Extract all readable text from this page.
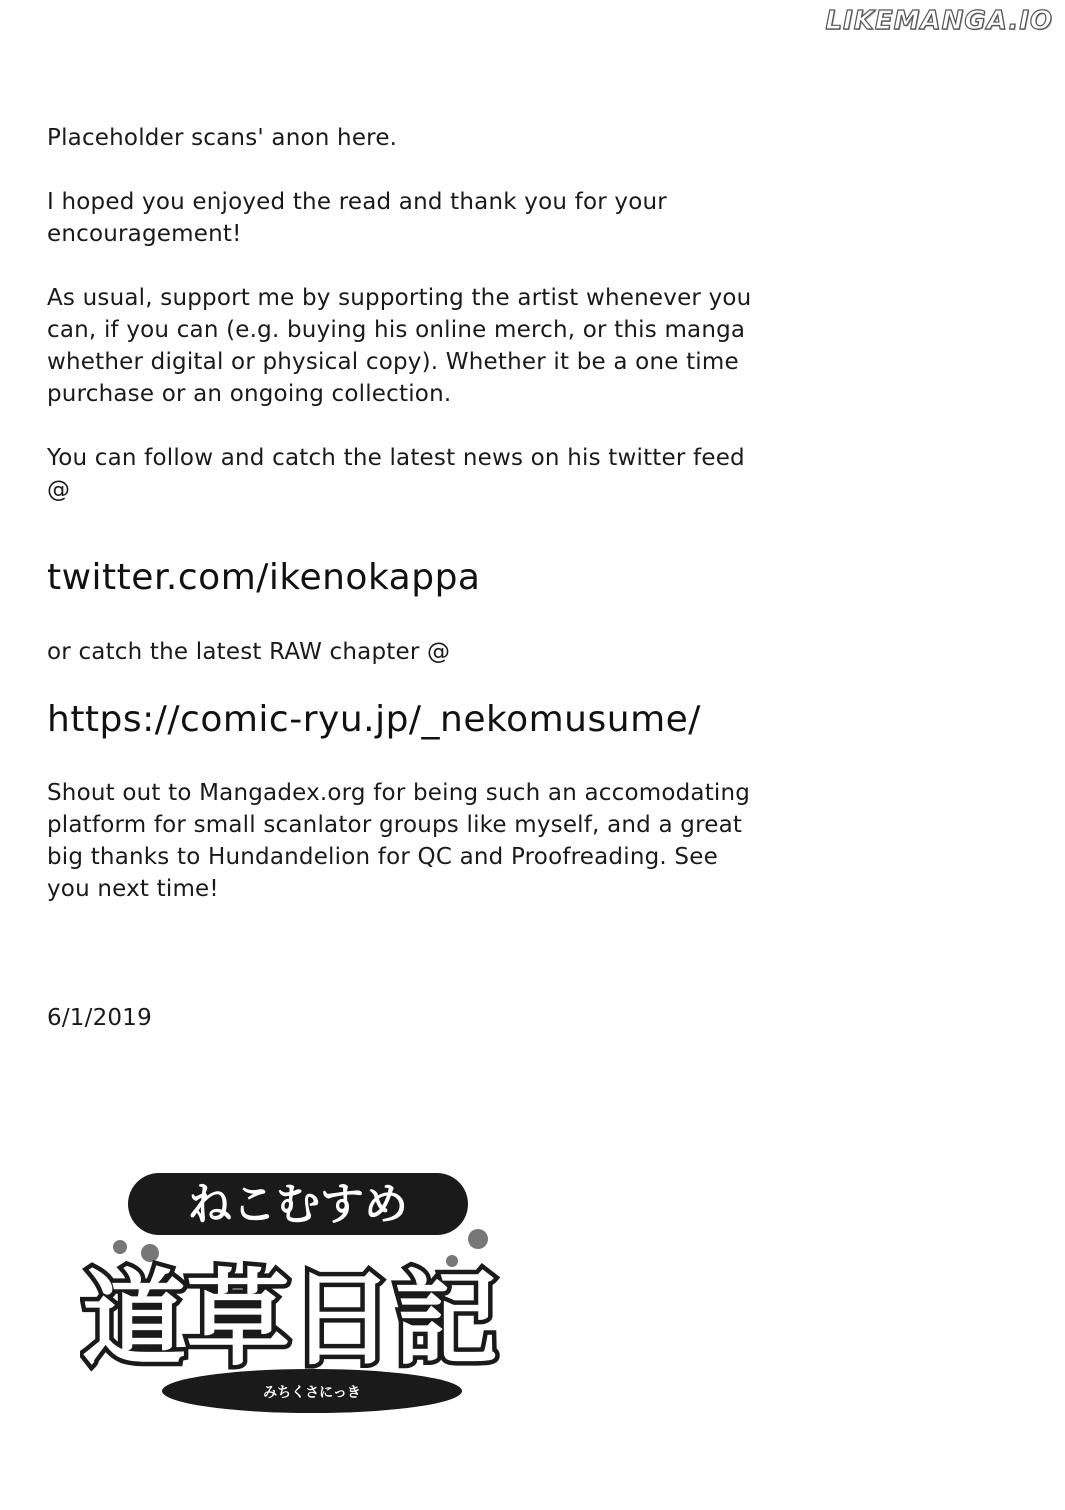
LIKEMANGA.IO
Placeholder scans' anon here.
I hoped you enjoyed the read and thank you for your encouragement!
As usual, support me by supporting the artist whenever you can, if you can (e.g. buying his online merch, or this manga whether digital or physical copy). Whether it be a one time purchase or an ongoing collection.
You can follow and catch the latest news on his twitter feed @
twitter.com/ikenokappa
or catch the latest RAW chapter @
https://comic-ryu.jp/_nekomusume/
Shout out to Mangadex.org for being such an accomodating platform for small scanlator groups like myself, and a great big thanks to Hundandelion for QC and Proofreading. See you next time!
6/1/2019
みちくさにっき
ねこむすめ
道草日記
